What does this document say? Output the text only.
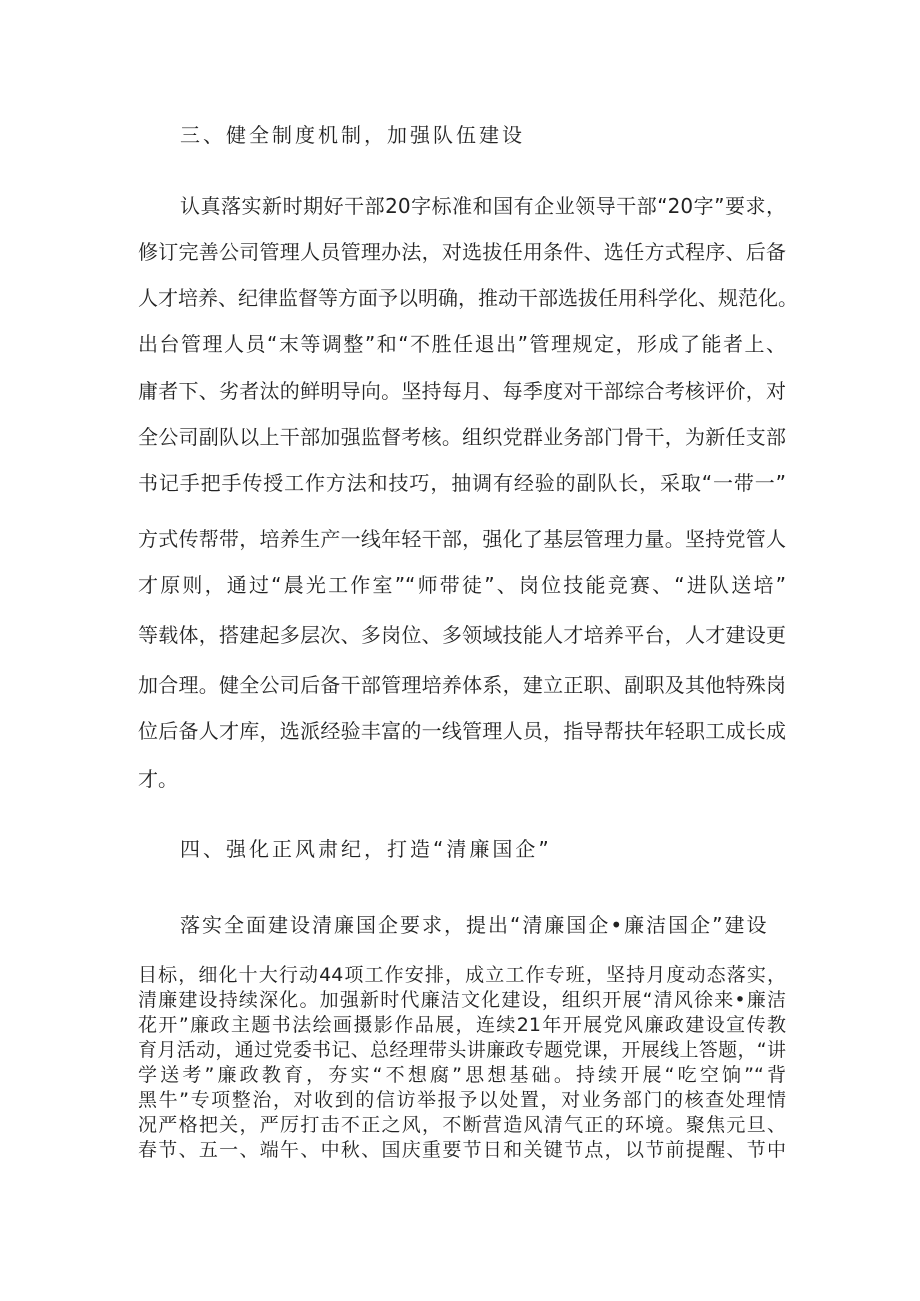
三、健全制度机制，加强队伍建设
认真落实新时期好干部20字标准和国有企业领导干部“20字”要求，
修订完善公司管理人员管理办法，对选拔任用条件、选任方式程序、后备
人才培养、纪律监督等方面予以明确，推动干部选拔任用科学化、规范化。
出台管理人员“末等调整”和“不胜任退出”管理规定，形成了能者上、
庸者下、劣者汰的鲜明导向。坚持每月、每季度对干部综合考核评价，对
全公司副队以上干部加强监督考核。组织党群业务部门骨干，为新任支部
书记手把手传授工作方法和技巧，抽调有经验的副队长，采取“一带一”
方式传帮带，培养生产一线年轻干部，强化了基层管理力量。坚持党管人
才原则，通过“晨光工作室”“师带徒”、岗位技能竞赛、“进队送培”
等载体，搭建起多层次、多岗位、多领域技能人才培养平台，人才建设更
加合理。健全公司后备干部管理培养体系，建立正职、副职及其他特殊岗
位后备人才库，选派经验丰富的一线管理人员，指导帮扶年轻职工成长成
才。
四、强化正风肃纪，打造“清廉国企”
落实全面建设清廉国企要求，提出“清廉国企•廉洁国企”建设
目标，细化十大行动44项工作安排，成立工作专班，坚持月度动态落实，
清廉建设持续深化。加强新时代廉洁文化建设，组织开展“清风徐来•廉洁
花开”廉政主题书法绘画摄影作品展，连续21年开展党风廉政建设宣传教
育月活动，通过党委书记、总经理带头讲廉政专题党课，开展线上答题，“讲
学送考”廉政教育，夯实“不想腐”思想基础。持续开展“吃空饷”“背
黑牛”专项整治，对收到的信访举报予以处置，对业务部门的核查处理情
况严格把关，严厉打击不正之风，不断营造风清气正的环境。聚焦元旦、
春节、五一、端午、中秋、国庆重要节日和关键节点，以节前提醒、节中
